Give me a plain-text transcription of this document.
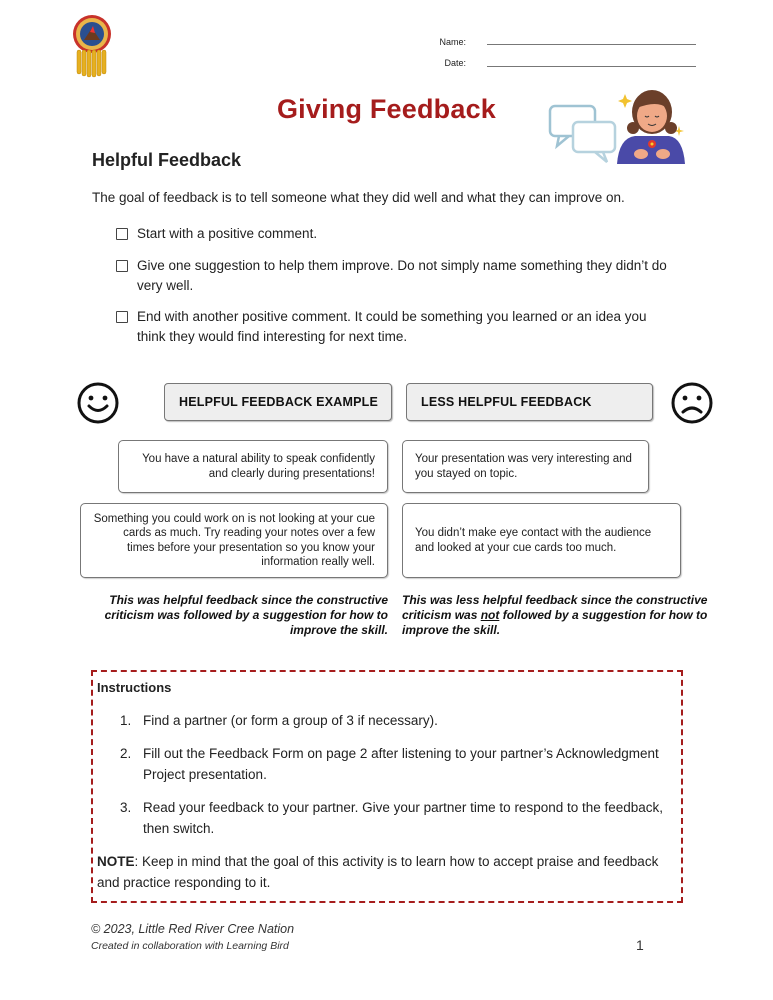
Name:
Date:
Giving Feedback
Helpful Feedback
The goal of feedback is to tell someone what they did well and what they can improve on.
Start with a positive comment.
Give one suggestion to help them improve. Do not simply name something they didn’t do very well.
End with another positive comment. It could be something you learned or an idea you think they would find interesting for next time.
HELPFUL FEEDBACK EXAMPLE	LESS HELPFUL FEEDBACK
You have a natural ability to speak confidently and clearly during presentations!
Your presentation was very interesting and you stayed on topic.
Something you could work on is not looking at your cue cards as much. Try reading your notes over a few times before your presentation so you know your information really well.
You didn’t make eye contact with the audience and looked at your cue cards too much.
This was helpful feedback since the constructive criticism was followed by a suggestion for how to improve the skill.
This was less helpful feedback since the constructive criticism was not followed by a suggestion for how to improve the skill.
Instructions
1. Find a partner (or form a group of 3 if necessary).
2. Fill out the Feedback Form on page 2 after listening to your partner’s Acknowledgment Project presentation.
3. Read your feedback to your partner. Give your partner time to respond to the feedback, then switch.
NOTE: Keep in mind that the goal of this activity is to learn how to accept praise and feedback and practice responding to it.
© 2023, Little Red River Cree Nation
Created in collaboration with Learning Bird	1
